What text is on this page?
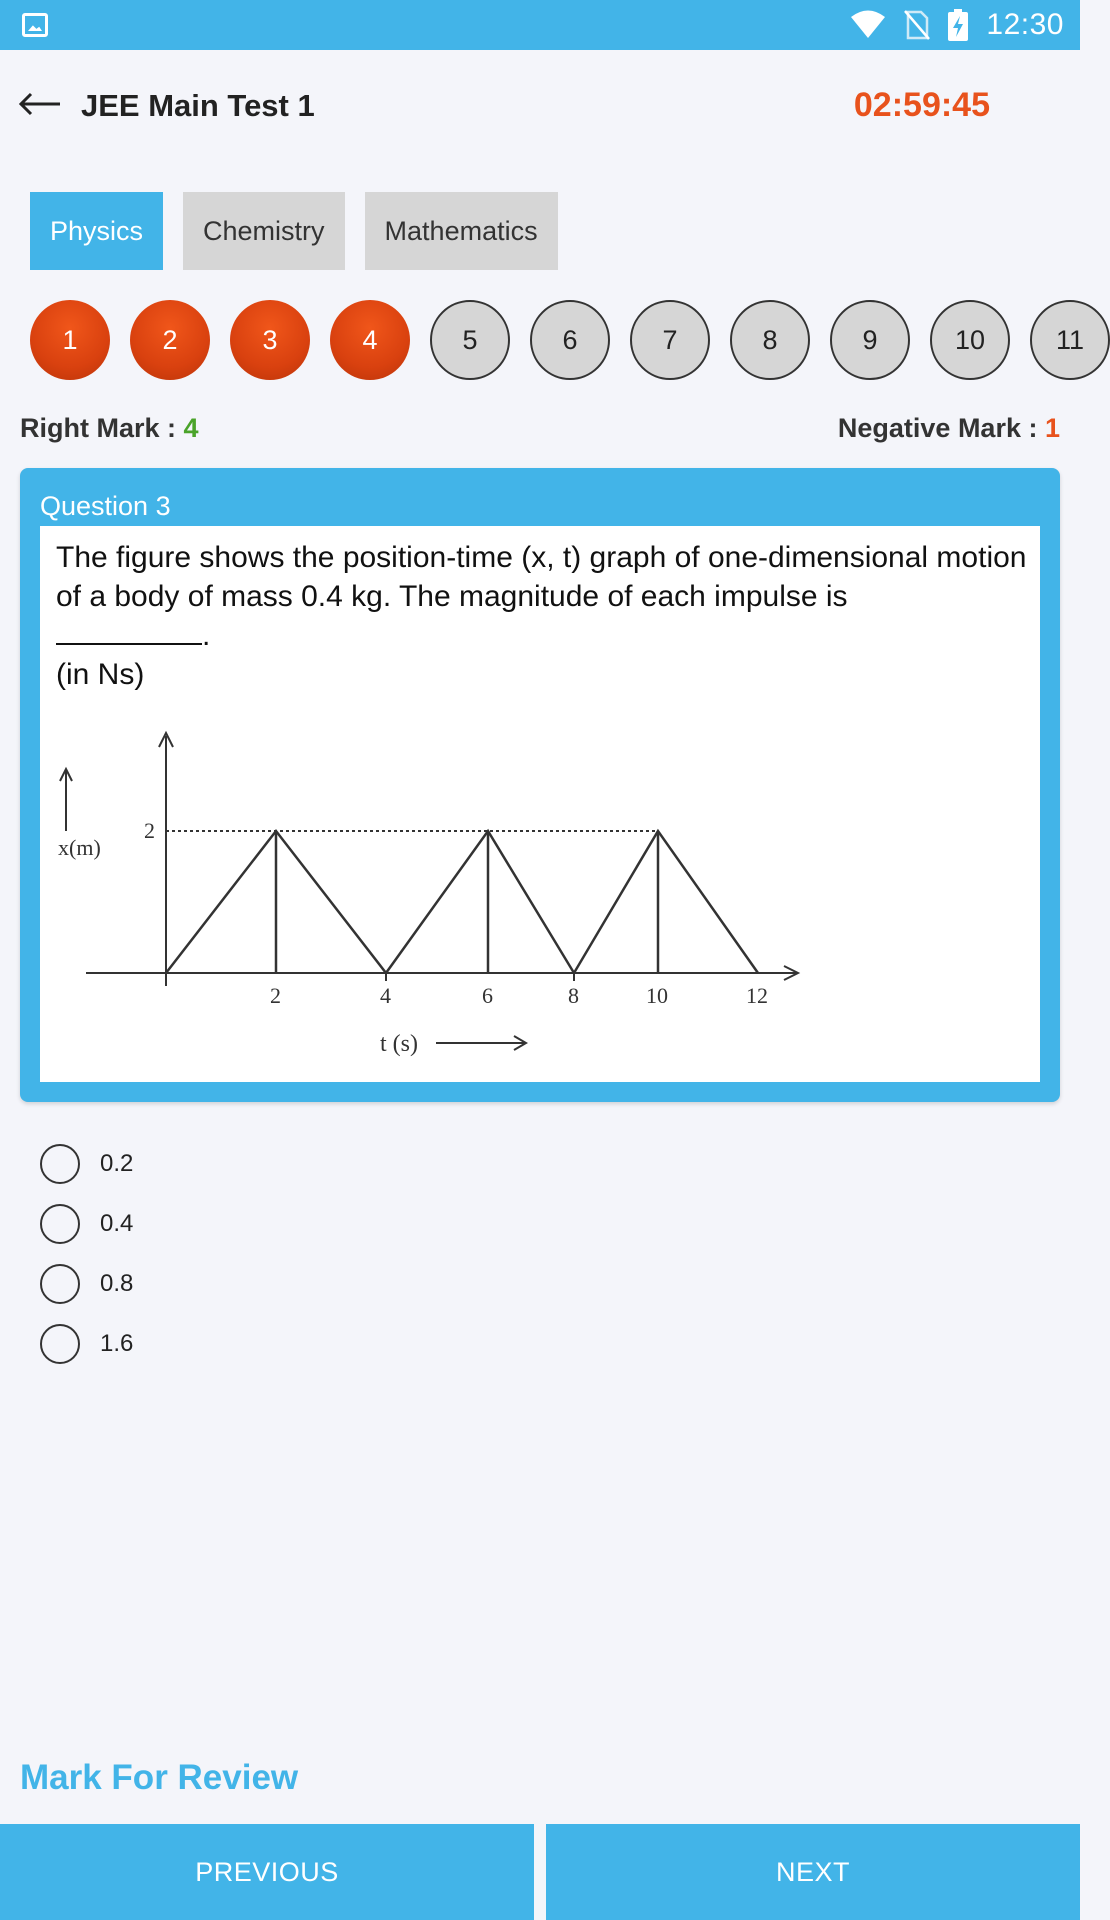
12:30
JEE Main Test 1	02:59:45
Physics	Chemistry	Mathematics
1	2	3	4	5	6	7	8	9	10	11
Right Mark : 4	Negative Mark : 1
Question 3
The figure shows the position-time (x, t) graph of one-dimensional motion of a body of mass 0.4 kg. The magnitude of each impulse is
.
(in Ns)
x(m)
2
2	4	6	8	10	12
t (s)
0.2
0.4
0.8
1.6
Mark For Review
PREVIOUS	NEXT
